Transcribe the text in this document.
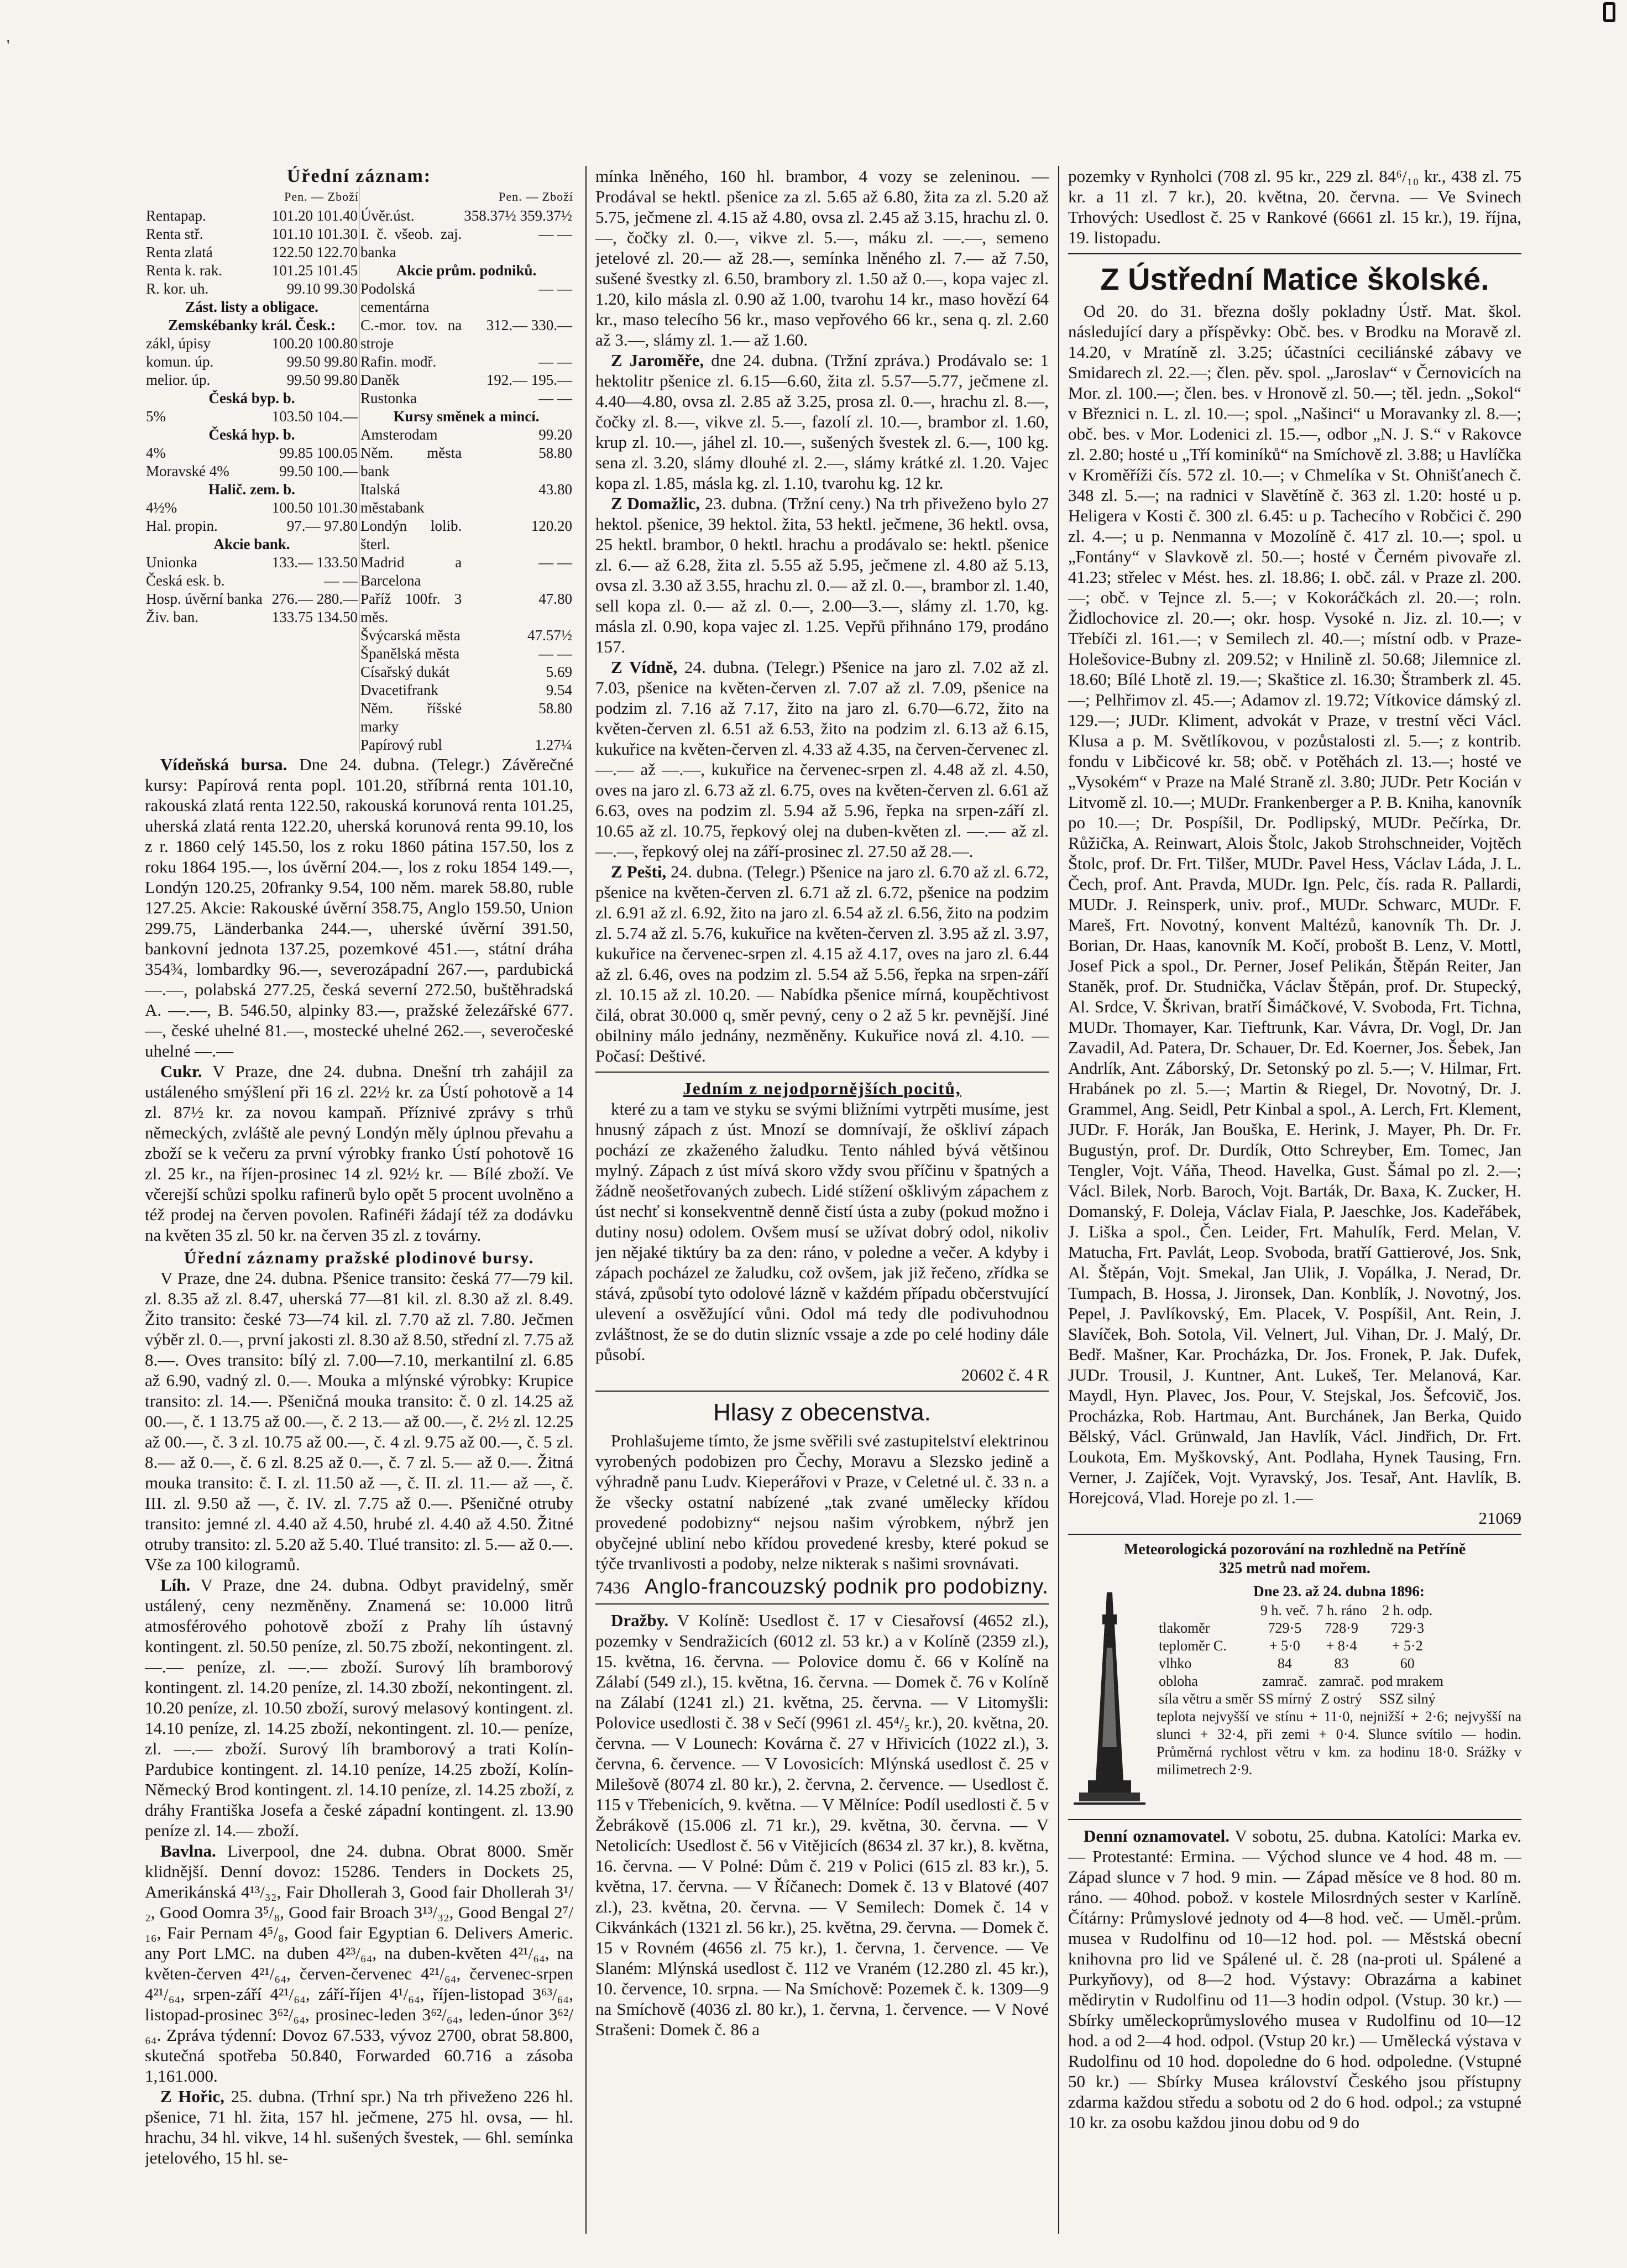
'
Úřední záznam:
Pen. — Zboží
Rentapap.	101.20 101.40
Renta stř.	101.10 101.30
Renta zlatá	122.50 122.70
Renta k. rak.	101.25 101.45
R. kor. uh.	99.10 99.30
Zást. listy a obligace.	
Zemskébanky král. Česk.:	
zákl, úpisy	100.20 100.80
komun. úp.	99.50 99.80
melior. úp.	99.50 99.80
Česká byp. b.	
5%	103.50 104.—
Česká hyp. b.	
4%	99.85 100.05
Moravské 4%	99.50 100.—
Halič. zem. b.	
4½%	100.50 101.30
Hal. propin.	97.— 97.80
Akcie bank.	
Unionka	133.— 133.50
Česká esk. b.	— —
Hosp. úvěrní banka	276.— 280.—
Živ. ban.	133.75 134.50
Pen. — Zboží
Úvěr.úst.	358.37½ 359.37½
I. č. všeob. zaj. banka	— —
Akcie prům. podniků.	
Podolská cementárna	— —
C.-mor. tov. na stroje	312.— 330.—
Rafin. modř.	— —
Daněk	192.— 195.—
Rustonka	— —
Kursy směnek a mincí.	
Amsterodam	99.20
Něm. města bank	58.80
Italská městabank	43.80
Londýn lolib. šterl.	120.20
Madrid a Barcelona	— —
Paříž 100fr. 3 měs.	47.80
Švýcarská města	47.57½
Španělská města	— —
Císařský dukát	5.69
Dvacetifrank	9.54
Něm. říšské marky	58.80
Papírový rubl	1.27¼

Vídeňská bursa. Dne 24. dubna. (Telegr.) Závěrečné kursy: Papírová renta popl. 101.20, stříbrná renta 101.10, rakouská zlatá renta 122.50, rakouská korunová renta 101.25, uherská zlatá renta 122.20, uherská korunová renta 99.10, los z r. 1860 celý 145.50, los z roku 1860 pátina 157.50, los z roku 1864 195.—, los úvěrní 204.—, los z roku 1854 149.—, Londýn 120.25, 20franky 9.54, 100 něm. marek 58.80, ruble 127.25. Akcie: Rakouské úvěrní 358.75, Anglo 159.50, Union 299.75, Länderbanka 244.—, uherské úvěrní 391.50, bankovní jednota 137.25, pozemkové 451.—, státní dráha 354¾, lombardky 96.—, severozápadní 267.—, pardubická —.—, polabská 277.25, česká severní 272.50, buštěhradská A. —.—, B. 546.50, alpinky 83.—, pražské železářské 677.—, české uhelné 81.—, mostecké uhelné 262.—, severočeské uhelné —.—

Cukr. V Praze, dne 24. dubna. Dnešní trh zahájil za ustáleného smýšlení při 16 zl. 22½ kr. za Ústí pohotově a 14 zl. 87½ kr. za novou kampaň. Příznivé zprávy s trhů německých, zvláště ale pevný Londýn měly úplnou převahu a zboží se k večeru za první výrobky franko Ústí pohotově 16 zl. 25 kr., na říjen-prosinec 14 zl. 92½ kr. — Bílé zboží. Ve včerejší schůzi spolku rafinerů bylo opět 5 procent uvolněno a též prodej na červen povolen. Rafinéři žádají též za dodávku na květen 35 zl. 50 kr. na červen 35 zl. z továrny.

Úřední záznamy pražské plodinové bursy.

V Praze, dne 24. dubna. Pšenice transito: česká 77—79 kil. zl. 8.35 až zl. 8.47, uherská 77—81 kil. zl. 8.30 až zl. 8.49. Žito transito: české 73—74 kil. zl. 7.70 až zl. 7.80. Ječmen výběr zl. 0.—, první jakosti zl. 8.30 až 8.50, střední zl. 7.75 až 8.—. Oves transito: bílý zl. 7.00—7.10, merkantilní zl. 6.85 až 6.90, vadný zl. 0.—. Mouka a mlýnské výrobky: Krupice transito: zl. 14.—. Pšeničná mouka transito: č. 0 zl. 14.25 až 00.—, č. 1 13.75 až 00.—, č. 2 13.— až 00.—, č. 2½ zl. 12.25 až 00.—, č. 3 zl. 10.75 až 00.—, č. 4 zl. 9.75 až 00.—, č. 5 zl. 8.— až 0.—, č. 6 zl. 8.25 až 0.—, č. 7 zl. 5.— až 0.—. Žitná mouka transito: č. I. zl. 11.50 až —, č. II. zl. 11.— až —, č. III. zl. 9.50 až —, č. IV. zl. 7.75 až 0.—. Pšeničné otruby transito: jemné zl. 4.40 až 4.50, hrubé zl. 4.40 až 4.50. Žitné otruby transito: zl. 5.20 až 5.40. Tlué transito: zl. 5.— až 0.—. Vše za 100 kilogramů.

Líh. V Praze, dne 24. dubna. Odbyt pravidelný, směr ustálený, ceny nezměněny. Znamená se: 10.000 litrů atmosférového pohotově zboží z Prahy líh ústavný kontingent. zl. 50.50 peníze, zl. 50.75 zboží, nekontingent. zl. —.— peníze, zl. —.— zboží. Surový líh bramborový kontingent. zl. 14.20 peníze, zl. 14.30 zboží, nekontingent. zl. 10.20 peníze, zl. 10.50 zboží, surový melasový kontingent. zl. 14.10 peníze, zl. 14.25 zboží, nekontingent. zl. 10.— peníze, zl. —.— zboží. Surový líh bramborový a trati Kolín-Pardubice kontingent. zl. 14.10 peníze, 14.25 zboží, Kolín-Německý Brod kontingent. zl. 14.10 peníze, zl. 14.25 zboží, z dráhy Františka Josefa a české západní kontingent. zl. 13.90 peníze zl. 14.— zboží.

Bavlna. Liverpool, dne 24. dubna. Obrat 8000. Směr klidnější. Denní dovoz: 15286. Tenders in Dockets 25, Amerikánská 4¹³/₃₂, Fair Dhollerah 3, Good fair Dhollerah 3¹/₂, Good Oomra 3⁵/₈, Good fair Broach 3¹³/₃₂, Good Bengal 2⁷/₁₆, Fair Pernam 4⁵/₈, Good fair Egyptian 6. Delivers Americ. any Port LMC. na duben 4²³/₆₄, na duben-květen 4²¹/₆₄, na květen-červen 4²¹/₆₄, červen-červenec 4²¹/₆₄, červenec-srpen 4²¹/₆₄, srpen-září 4²¹/₆₄, září-říjen 4¹/₆₄, říjen-listopad 3⁶³/₆₄, listopad-prosinec 3⁶²/₆₄, prosinec-leden 3⁶²/₆₄, leden-únor 3⁶²/₆₄. Zpráva týdenní: Dovoz 67.533, vývoz 2700, obrat 58.800, skutečná spotřeba 50.840, Forwarded 60.716 a zásoba 1,161.000.

Z Hořic, 25. dubna. (Trhní spr.) Na trh přiveženo 226 hl. pšenice, 71 hl. žita, 157 hl. ječmene, 275 hl. ovsa, — hl. hrachu, 34 hl. vikve, 14 hl. sušených švestek, — 6hl. semínka jetelového, 15 hl. se-

mínka lněného, 160 hl. brambor, 4 vozy se zeleninou. — Prodával se hektl. pšenice za zl. 5.65 až 6.80, žita za zl. 5.20 až 5.75, ječmene zl. 4.15 až 4.80, ovsa zl. 2.45 až 3.15, hrachu zl. 0.—, čočky zl. 0.—, vikve zl. 5.—, máku zl. —.—, semeno jetelové zl. 20.— až 28.—, semínka lněného zl. 7.— až 7.50, sušené švestky zl. 6.50, brambory zl. 1.50 až 0.—, kopa vajec zl. 1.20, kilo másla zl. 0.90 až 1.00, tvarohu 14 kr., maso hovězí 64 kr., maso telecího 56 kr., maso vepřového 66 kr., sena q. zl. 2.60 až 3.—, slámy zl. 1.— až 1.60.

Z Jaroměře, dne 24. dubna. (Tržní zpráva.) Prodávalo se: 1 hektolitr pšenice zl. 6.15—6.60, žita zl. 5.57—5.77, ječmene zl. 4.40—4.80, ovsa zl. 2.85 až 3.25, prosa zl. 0.—, hrachu zl. 8.—, čočky zl. 8.—, vikve zl. 5.—, fazolí zl. 10.—, brambor zl. 1.60, krup zl. 10.—, jáhel zl. 10.—, sušených švestek zl. 6.—, 100 kg. sena zl. 3.20, slámy dlouhé zl. 2.—, slámy krátké zl. 1.20. Vajec kopa zl. 1.85, másla kg. zl. 1.10, tvarohu kg. 12 kr.

Z Domažlic, 23. dubna. (Tržní ceny.) Na trh přiveženo bylo 27 hektol. pšenice, 39 hektol. žita, 53 hektl. ječmene, 36 hektl. ovsa, 25 hektl. brambor, 0 hektl. hrachu a prodávalo se: hektl. pšenice zl. 6.— až 6.28, žita zl. 5.55 až 5.95, ječmene zl. 4.80 až 5.13, ovsa zl. 3.30 až 3.55, hrachu zl. 0.— až zl. 0.—, brambor zl. 1.40, sell kopa zl. 0.— až zl. 0.—, 2.00—3.—, slámy zl. 1.70, kg. másla zl. 0.90, kopa vajec zl. 1.25. Vepřů přihnáno 179, prodáno 157.

Z Vídně, 24. dubna. (Telegr.) Pšenice na jaro zl. 7.02 až zl. 7.03, pšenice na květen-červen zl. 7.07 až zl. 7.09, pšenice na podzim zl. 7.16 až 7.17, žito na jaro zl. 6.70—6.72, žito na květen-červen zl. 6.51 až 6.53, žito na podzim zl. 6.13 až 6.15, kukuřice na květen-červen zl. 4.33 až 4.35, na červen-červenec zl. —.— až —.—, kukuřice na červenec-srpen zl. 4.48 až zl. 4.50, oves na jaro zl. 6.73 až zl. 6.75, oves na květen-červen zl. 6.61 až 6.63, oves na podzim zl. 5.94 až 5.96, řepka na srpen-září zl. 10.65 až zl. 10.75, řepkový olej na duben-květen zl. —.— až zl. —.—, řepkový olej na září-prosinec zl. 27.50 až 28.—.

Z Pešti, 24. dubna. (Telegr.) Pšenice na jaro zl. 6.70 až zl. 6.72, pšenice na květen-červen zl. 6.71 až zl. 6.72, pšenice na podzim zl. 6.91 až zl. 6.92, žito na jaro zl. 6.54 až zl. 6.56, žito na podzim zl. 5.74 až zl. 5.76, kukuřice na květen-červen zl. 3.95 až zl. 3.97, kukuřice na červenec-srpen zl. 4.15 až 4.17, oves na jaro zl. 6.44 až zl. 6.46, oves na podzim zl. 5.54 až 5.56, řepka na srpen-září zl. 10.15 až zl. 10.20. — Nabídka pšenice mírná, koupěchtivost čilá, obrat 30.000 q, směr pevný, ceny o 2 až 5 kr. pevnější. Jiné obilniny málo jednány, nezměněny. Kukuřice nová zl. 4.10. — Počasí: Deštivé.

Jedním z nejodpornějších pocitů,

které zu a tam ve styku se svými bližními vytrpěti musíme, jest hnusný zápach z úst. Mnozí se domnívají, že oškliví zápach pochází ze zkaženého žaludku. Tento náhled bývá většinou mylný. Zápach z úst mívá skoro vždy svou příčinu v špatných a žádně neošetřovaných zubech. Lidé stížení ošklivým zápachem z úst nechť si konsekventně denně čistí ústa a zuby (pokud možno i dutiny nosu) odolem. Ovšem musí se užívat dobrý odol, nikoliv jen nějaké tiktúry ba za den: ráno, v poledne a večer. A kdyby i zápach pocházel ze žaludku, což ovšem, jak již řečeno, zřídka se stává, způsobí tyto odolové lázně v každém případu občerstvující ulevení a osvěžující vůni. Odol má tedy dle podivuhodnou zvláštnost, že se do dutin slizníc vssaje a zde po celé hodiny dále působí.

20602 č. 4 R
Hlasy z obecenstva.

Prohlašujeme tímto, že jsme svěřili své zastupitelství elektrinou vyrobených podobizen pro Čechy, Moravu a Slezsko jedině a výhradně panu Ludv. Kieperářovi v Praze, v Celetné ul. č. 33 n. a že všecky ostatní nabízené „tak zvané umělecky křídou provedené podobizny“ nejsou našim výrobkem, nýbrž jen obyčejné ubliní nebo křídou provedené kresby, které pokud se týče trvanlivosti a podoby, nelze nikterak s našimi srovnávati.

7436 Anglo-francouzský podnik pro podobizny.

Dražby. V Kolíně: Usedlost č. 17 v Ciesařovsí (4652 zl.), pozemky v Sendražicích (6012 zl. 53 kr.) a v Kolíně (2359 zl.), 15. května, 16. června. — Polovice domu č. 66 v Kolíně na Zálabí (549 zl.), 15. května, 16. června. — Domek č. 76 v Kolíně na Zálabí (1241 zl.) 21. května, 25. června. — V Litomyšli: Polovice usedlosti č. 38 v Sečí (9961 zl. 45⁴/₅ kr.), 20. května, 20. června. — V Lounech: Kovárna č. 27 v Hřivicích (1022 zl.), 3. června, 6. července. — V Lovosicích: Mlýnská usedlost č. 25 v Milešově (8074 zl. 80 kr.), 2. června, 2. července. — Usedlost č. 115 v Třebenicích, 9. května. — V Mělníce: Podíl usedlosti č. 5 v Žebrákově (15.006 zl. 71 kr.), 29. května, 30. června. — V Netolicích: Usedlost č. 56 v Vitějicích (8634 zl. 37 kr.), 8. května, 16. června. — V Polné: Dům č. 219 v Polici (615 zl. 83 kr.), 5. května, 17. června. — V Říčanech: Domek č. 13 v Blatové (407 zl.), 23. května, 20. června. — V Semilech: Domek č. 14 v Cikvánkách (1321 zl. 56 kr.), 25. května, 29. června. — Domek č. 15 v Rovném (4656 zl. 75 kr.), 1. června, 1. července. — Ve Slaném: Mlýnská usedlost č. 112 ve Vraném (12.280 zl. 45 kr.), 10. července, 10. srpna. — Na Smíchově: Pozemek č. k. 1309—9 na Smíchově (4036 zl. 80 kr.), 1. června, 1. července. — V Nové Strašeni: Domek č. 86 a

pozemky v Rynholci (708 zl. 95 kr., 229 zl. 84⁶/₁₀ kr., 438 zl. 75 kr. a 11 zl. 7 kr.), 20. května, 20. června. — Ve Svinech Trhových: Usedlost č. 25 v Rankové (6661 zl. 15 kr.), 19. října, 19. listopadu.

Z Ústřední Matice školské.

Od 20. do 31. března došly pokladny Ústř. Mat. škol. následující dary a příspěvky: Obč. bes. v Brodku na Moravě zl. 14.20, v Mratíně zl. 3.25; účastníci ceciliánské zábavy ve Smidarech zl. 22.—; člen. pěv. spol. „Jaroslav“ v Černovicích na Mor. zl. 100.—; člen. bes. v Hronově zl. 50.—; těl. jedn. „Sokol“ v Březnici n. L. zl. 10.—; spol. „Našinci“ u Moravanky zl. 8.—; obč. bes. v Mor. Lodenici zl. 15.—, odbor „N. J. S.“ v Rakovce zl. 2.80; hosté u „Tří kominíků“ na Smíchově zl. 3.88; u Havlíčka v Kroměříži čís. 572 zl. 10.—; v Chmelíka v St. Ohnišťanech č. 348 zl. 5.—; na radnici v Slavětíně č. 363 zl. 1.20: hosté u p. Heligera v Kosti č. 300 zl. 6.45: u p. Tachecího v Robčici č. 290 zl. 4.—; u p. Nenmanna v Mozolíně č. 417 zl. 10.—; spol. u „Fontány“ v Slavkově zl. 50.—; hosté v Černém pivovaře zl. 41.23; střelec v Mést. hes. zl. 18.86; I. obč. zál. v Praze zl. 200.—; obč. v Tejnce zl. 5.—; v Kokoráčkách zl. 20.—; roln. Židlochovice zl. 20.—; okr. hosp. Vysoké n. Jiz. zl. 10.—; v Třebíči zl. 161.—; v Semilech zl. 40.—; místní odb. v Praze-Holešovice-Bubny zl. 209.52; v Hnilině zl. 50.68; Jilemnice zl. 18.60; Bílé Lhotě zl. 19.—; Skaštice zl. 16.30; Štramberk zl. 45.—; Pelhřimov zl. 45.—; Adamov zl. 19.72; Vítkovice dámský zl. 129.—; JUDr. Kliment, advokát v Praze, v trestní věci Václ. Klusa a p. M. Světlíkovou, v pozůstalosti zl. 5.—; z kontrib. fondu v Libčicové kr. 58; obč. v Potěhách zl. 13.—; hosté ve „Vysokém“ v Praze na Malé Straně zl. 3.80; JUDr. Petr Kocián v Litvomě zl. 10.—; MUDr. Frankenberger a P. B. Kniha, kanovník po 10.—; Dr. Pospíšil, Dr. Podlipský, MUDr. Pečírka, Dr. Růžička, A. Reinwart, Alois Štolc, Jakob Strohschneider, Vojtěch Štolc, prof. Dr. Frt. Tilšer, MUDr. Pavel Hess, Václav Láda, J. L. Čech, prof. Ant. Pravda, MUDr. Ign. Pelc, čís. rada R. Pallardi, MUDr. J. Reinsperk, univ. prof., MUDr. Schwarc, MUDr. F. Mareš, Frt. Novotný, konvent Maltézů, kanovník Th. Dr. J. Borian, Dr. Haas, kanovník M. Kočí, probošt B. Lenz, V. Mottl, Josef Pick a spol., Dr. Perner, Josef Pelikán, Štěpán Reiter, Jan Staněk, prof. Dr. Studnička, Václav Štěpán, prof. Dr. Stupecký, Al. Srdce, V. Škrivan, bratří Šimáčkové, V. Svoboda, Frt. Tichna, MUDr. Thomayer, Kar. Tieftrunk, Kar. Vávra, Dr. Vogl, Dr. Jan Zavadil, Ad. Patera, Dr. Schauer, Dr. Ed. Koerner, Jos. Šebek, Jan Andrlík, Ant. Záborský, Dr. Setonský po zl. 5.—; V. Hilmar, Frt. Hrabánek po zl. 5.—; Martin & Riegel, Dr. Novotný, Dr. J. Grammel, Ang. Seidl, Petr Kinbal a spol., A. Lerch, Frt. Klement, JUDr. F. Horák, Jan Bouška, E. Herink, J. Mayer, Ph. Dr. Fr. Bugustýn, prof. Dr. Durdík, Otto Schreyber, Em. Tomec, Jan Tengler, Vojt. Váňa, Theod. Havelka, Gust. Šámal po zl. 2.—; Václ. Bilek, Norb. Baroch, Vojt. Barták, Dr. Baxa, K. Zucker, H. Domanský, F. Doleja, Václav Fiala, P. Jaeschke, Jos. Kadeřábek, J. Liška a spol., Čen. Leider, Frt. Mahulík, Ferd. Melan, V. Matucha, Frt. Pavlát, Leop. Svoboda, bratří Gattierové, Jos. Snk, Al. Štěpán, Vojt. Smekal, Jan Ulik, J. Vopálka, J. Nerad, Dr. Tumpach, B. Hossa, J. Jironsek, Dan. Konblík, J. Novotný, Jos. Pepel, J. Pavlíkovský, Em. Placek, V. Pospíšil, Ant. Rein, J. Slavíček, Boh. Sotola, Vil. Velnert, Jul. Vihan, Dr. J. Malý, Dr. Bedř. Mašner, Kar. Procházka, Dr. Jos. Fronek, P. Jak. Dufek, JUDr. Trousil, J. Kuntner, Ant. Lukeš, Ter. Melanová, Kar. Maydl, Hyn. Plavec, Jos. Pour, V. Stejskal, Jos. Šefcovič, Jos. Procházka, Rob. Hartmau, Ant. Burchánek, Jan Berka, Quido Bělský, Václ. Grünwald, Jan Havlík, Václ. Jindřich, Dr. Frt. Loukota, Em. Myškovský, Ant. Podlaha, Hynek Tausing, Frn. Verner, J. Zajíček, Vojt. Vyravský, Jos. Tesař, Ant. Havlík, B. Horejcová, Vlad. Horeje po zl. 1.—

21069
Meteorologická pozorování na rozhledně na Petříně
325 metrů nad mořem.
Dne 23. až 24. dubna 1896:
	9 h. več.	7 h. ráno	2 h. odp.
tlakoměr	729·5	728·9	729·3
teploměr C.	+ 5·0	+ 8·4	+ 5·2
vlhko	84	83	60
obloha	zamrač.	zamrač.	pod mrakem
síla větru a směr	SS mírný	Z ostrý	SSZ silný

teplota nejvyšší ve stínu + 11·0, nejnižší + 2·6; nejvyšší na slunci + 32·4, při zemi + 0·4. Slunce svítilo — hodin. Průměrná rychlost větru v km. za hodinu 18·0. Srážky v milimetrech 2·9.

Denní oznamovatel. V sobotu, 25. dubna. Katolíci: Marka ev. — Protestanté: Ermina. — Východ slunce ve 4 hod. 48 m. — Západ slunce v 7 hod. 9 min. — Západ měsíce ve 8 hod. 80 m. ráno. — 40hod. pobož. v kostele Milosrdných sester v Karlíně. Čítárny: Průmyslové jednoty od 4—8 hod. več. — Uměl.-prům. musea v Rudolfinu od 10—12 hod. pol. — Městská obecní knihovna pro lid ve Spálené ul. č. 28 (na-proti ul. Spálené a Purkyňovy), od 8—2 hod. Výstavy: Obrazárna a kabinet mědirytin v Rudolfinu od 11—3 hodin odpol. (Vstup. 30 kr.) — Sbírky uměleckoprůmyslového musea v Rudolfinu od 10—12 hod. a od 2—4 hod. odpol. (Vstup 20 kr.) — Umělecká výstava v Rudolfinu od 10 hod. dopoledne do 6 hod. odpoledne. (Vstupné 50 kr.) — Sbírky Musea království Českého jsou přístupny zdarma každou středu a sobotu od 2 do 6 hod. odpol.; za vstupné 10 kr. za osobu každou jinou dobu od 9 do
